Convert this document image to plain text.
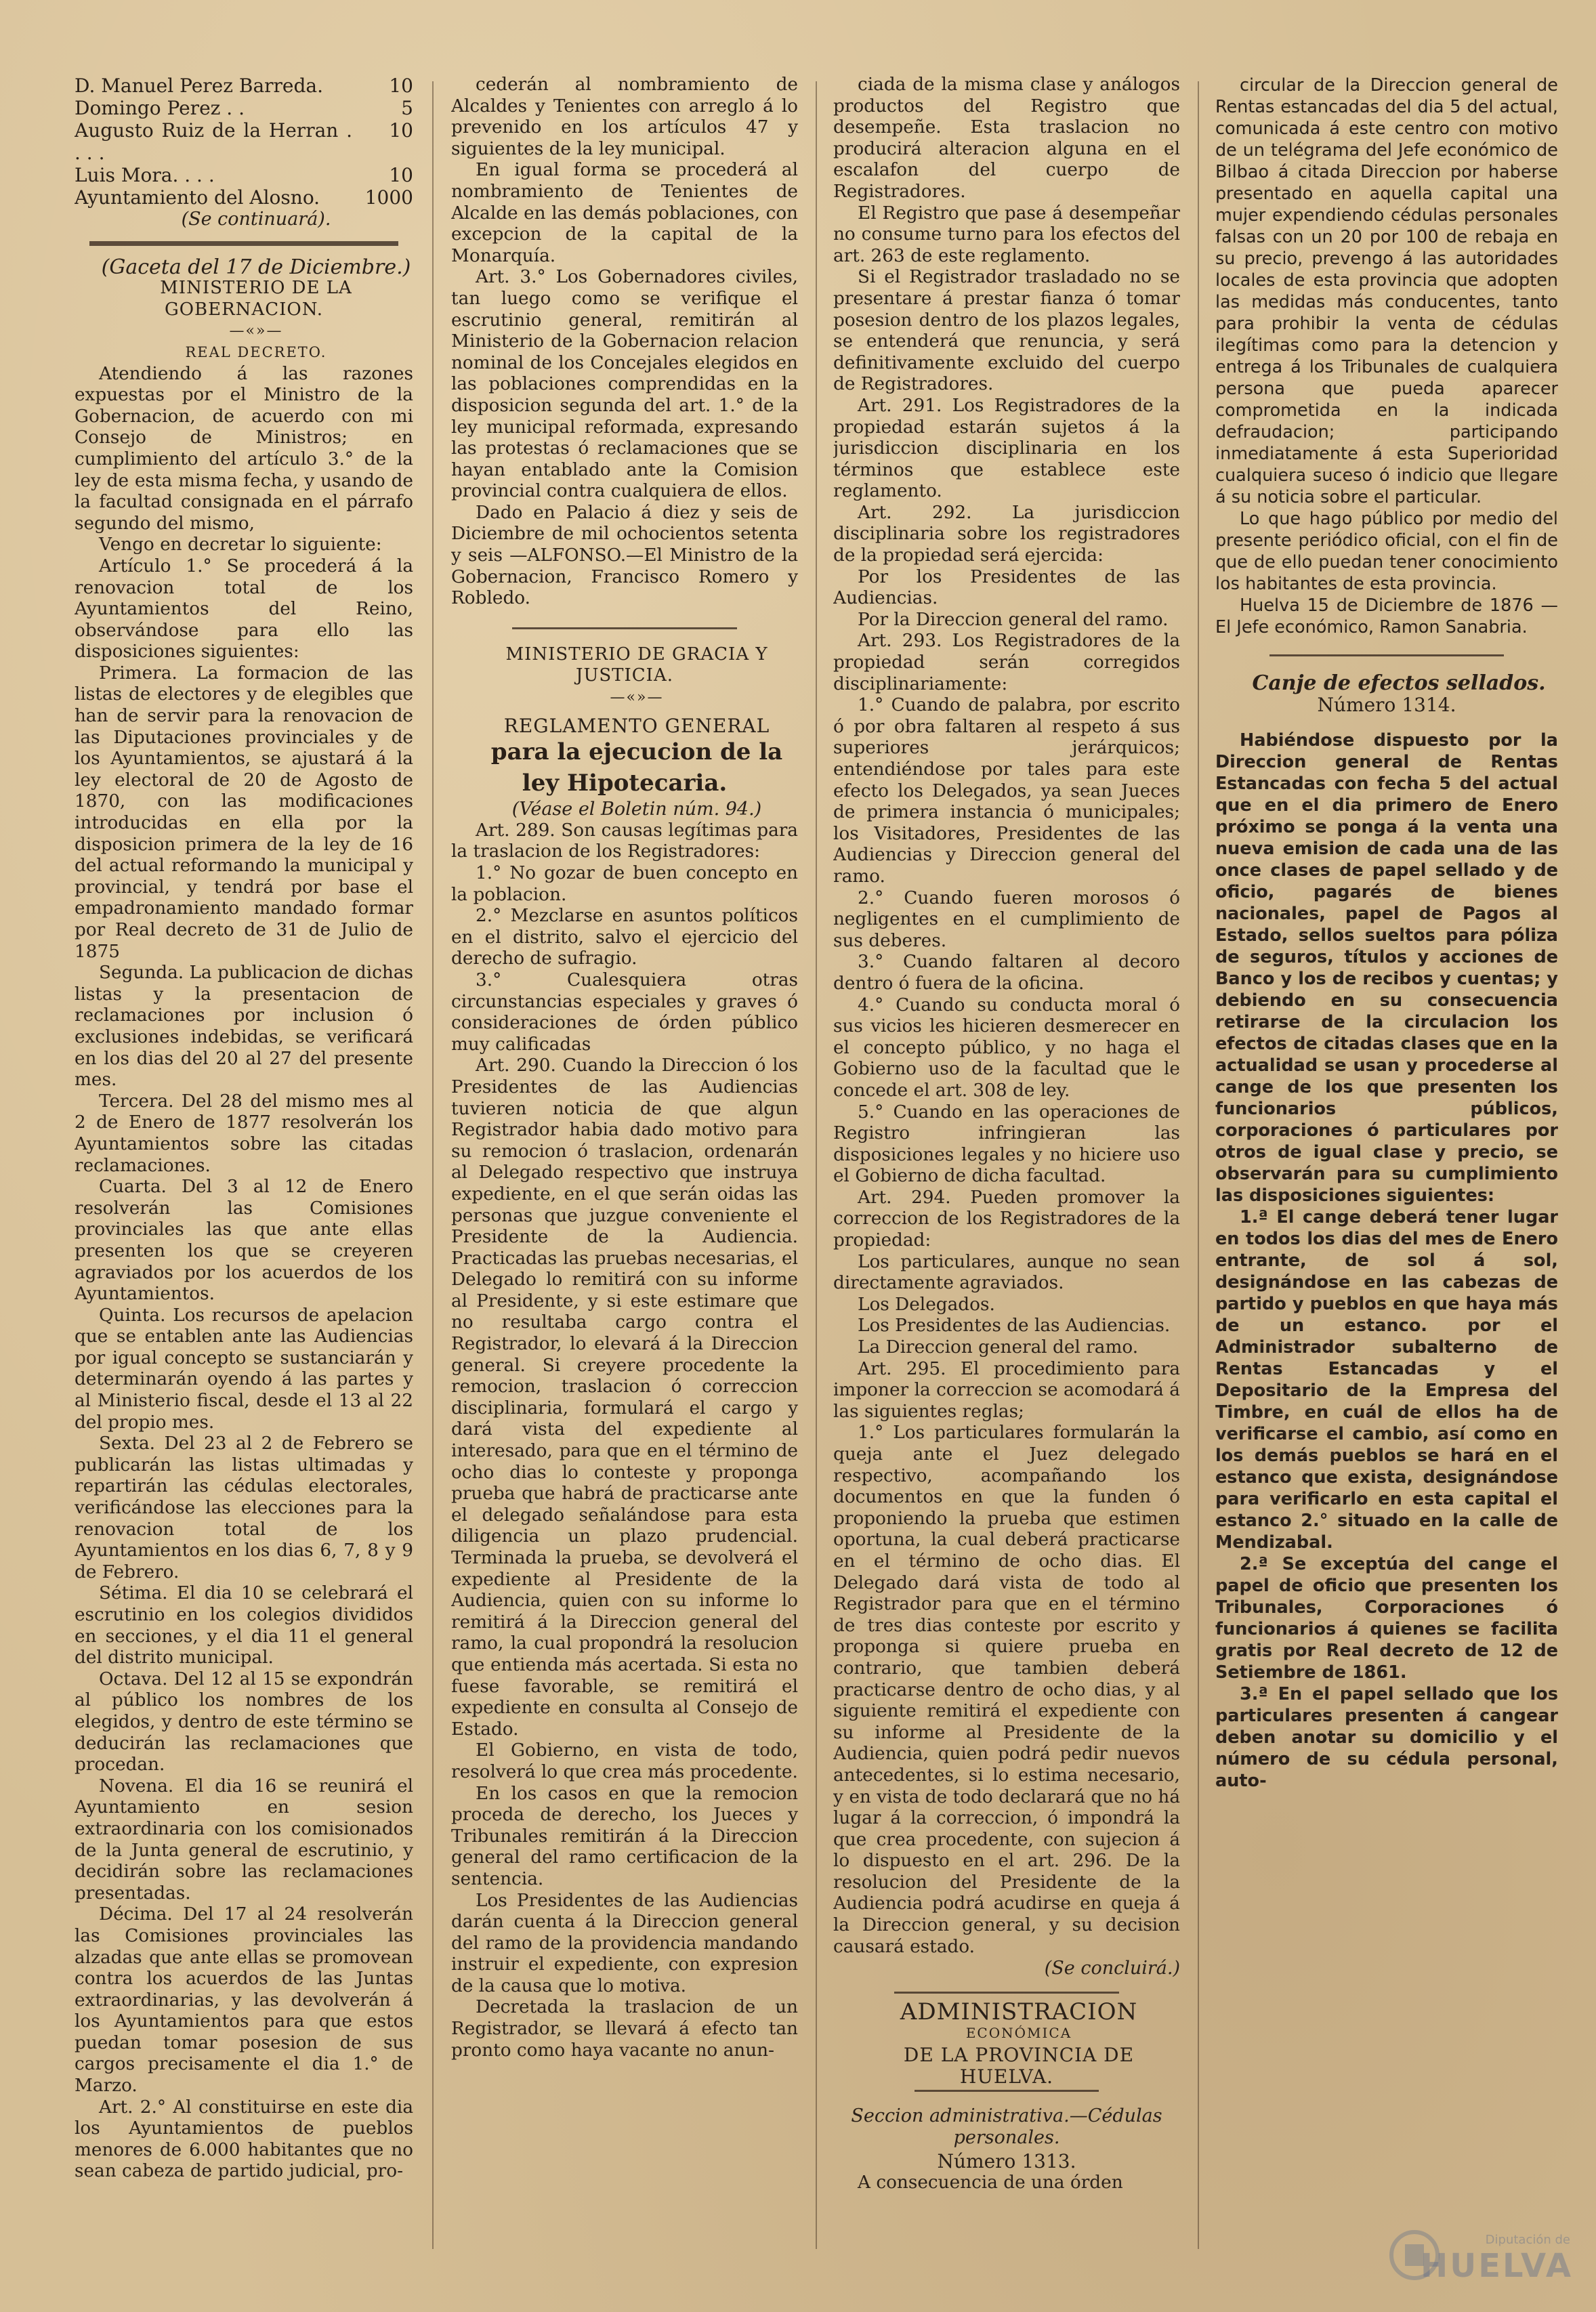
D. Manuel Perez Barreda.	10
Domingo Perez . .	5
Augusto Ruiz de la Herran . . . .	10
Luis Mora. . . .	10
Ayuntamiento del Alosno.	1000

(Se continuará).

(Gaceta del 17 de Diciembre.)

MINISTERIO DE LA GOBERNACION.

—«»—

REAL DECRETO.

Atendiendo á las razones expuestas por el Ministro de la Gobernacion, de acuerdo con mi Consejo de Ministros; en cumplimiento del artículo 3.° de la ley de esta misma fecha, y usando de la facultad consignada en el párrafo segundo del mismo,

Vengo en decretar lo siguiente:

Artículo 1.° Se procederá á la renovacion total de los Ayuntamientos del Reino, observándose para ello las disposiciones siguientes:

Primera. La formacion de las listas de electores y de elegibles que han de servir para la renovacion de las Diputaciones provinciales y de los Ayuntamientos, se ajustará á la ley electoral de 20 de Agosto de 1870, con las modificaciones introducidas en ella por la disposicion primera de la ley de 16 del actual reformando la municipal y provincial, y tendrá por base el empadronamiento mandado formar por Real decreto de 31 de Julio de 1875

Segunda. La publicacion de dichas listas y la presentacion de reclamaciones por inclusion ó exclusiones indebidas, se verificará en los dias del 20 al 27 del presente mes.

Tercera. Del 28 del mismo mes al 2 de Enero de 1877 resolverán los Ayuntamientos sobre las citadas reclamaciones.

Cuarta. Del 3 al 12 de Enero resolverán las Comisiones provinciales las que ante ellas presenten los que se creyeren agraviados por los acuerdos de los Ayuntamientos.

Quinta. Los recursos de apelacion que se entablen ante las Audiencias por igual concepto se sustanciarán y determinarán oyendo á las partes y al Ministerio fiscal, desde el 13 al 22 del propio mes.

Sexta. Del 23 al 2 de Febrero se publicarán las listas ultimadas y repartirán las cédulas electorales, verificándose las elecciones para la renovacion total de los Ayuntamientos en los dias 6, 7, 8 y 9 de Febrero.

Sétima. El dia 10 se celebrará el escrutinio en los colegios divididos en secciones, y el dia 11 el general del distrito municipal.

Octava. Del 12 al 15 se expondrán al público los nombres de los elegidos, y dentro de este término se deducirán las reclamaciones que procedan.

Novena. El dia 16 se reunirá el Ayuntamiento en sesion extraordinaria con los comisionados de la Junta general de escrutinio, y decidirán sobre las reclamaciones presentadas.

Décima. Del 17 al 24 resolverán las Comisiones provinciales las alzadas que ante ellas se promovean contra los acuerdos de las Juntas extraordinarias, y las devolverán á los Ayuntamientos para que estos puedan tomar posesion de sus cargos precisamente el dia 1.° de Marzo.

Art. 2.° Al constituirse en este dia los Ayuntamientos de pueblos menores de 6.000 habitantes que no sean cabeza de partido judicial, pro-

cederán al nombramiento de Alcaldes y Tenientes con arreglo á lo prevenido en los artículos 47 y siguientes de la ley municipal.

En igual forma se procederá al nombramiento de Tenientes de Alcalde en las demás poblaciones, con excepcion de la capital de la Monarquía.

Art. 3.° Los Gobernadores civiles, tan luego como se verifique el escrutinio general, remitirán al Ministerio de la Gobernacion relacion nominal de los Concejales elegidos en las poblaciones comprendidas en la disposicion segunda del art. 1.° de la ley municipal reformada, expresando las protestas ó reclamaciones que se hayan entablado ante la Comision provincial contra cualquiera de ellos.

Dado en Palacio á diez y seis de Diciembre de mil ochocientos setenta y seis —ALFONSO.—El Ministro de la Gobernacion, Francisco Romero y Robledo.

MINISTERIO DE GRACIA Y JUSTICIA.

—«»—

REGLAMENTO GENERAL

para la ejecucion de la ley Hipotecaria.

(Véase el Boletin núm. 94.)

Art. 289. Son causas legítimas para la traslacion de los Registradores:

1.° No gozar de buen concepto en la poblacion.

2.° Mezclarse en asuntos políticos en el distrito, salvo el ejercicio del derecho de sufragio.

3.° Cualesquiera otras circunstancias especiales y graves ó consideraciones de órden público muy calificadas

Art. 290. Cuando la Direccion ó los Presidentes de las Audiencias tuvieren noticia de que algun Registrador habia dado motivo para su remocion ó traslacion, ordenarán al Delegado respectivo que instruya expediente, en el que serán oidas las personas que juzgue conveniente el Presidente de la Audiencia. Practicadas las pruebas necesarias, el Delegado lo remitirá con su informe al Presidente, y si este estimare que no resultaba cargo contra el Registrador, lo elevará á la Direccion general. Si creyere procedente la remocion, traslacion ó correccion disciplinaria, formulará el cargo y dará vista del expediente al interesado, para que en el término de ocho dias lo conteste y proponga prueba que habrá de practicarse ante el delegado señalándose para esta diligencia un plazo prudencial. Terminada la prueba, se devolverá el expediente al Presidente de la Audiencia, quien con su informe lo remitirá á la Direccion general del ramo, la cual propondrá la resolucion que entienda más acertada. Si esta no fuese favorable, se remitirá el expediente en consulta al Consejo de Estado.

El Gobierno, en vista de todo, resolverá lo que crea más procedente.

En los casos en que la remocion proceda de derecho, los Jueces y Tribunales remitirán á la Direccion general del ramo certificacion de la sentencia.

Los Presidentes de las Audiencias darán cuenta á la Direccion general del ramo de la providencia mandando instruir el expediente, con expresion de la causa que lo motiva.

Decretada la traslacion de un Registrador, se llevará á efecto tan pronto como haya vacante no anun-

ciada de la misma clase y análogos productos del Registro que desempeñe. Esta traslacion no producirá alteracion alguna en el escalafon del cuerpo de Registradores.

El Registro que pase á desempeñar no consume turno para los efectos del art. 263 de este reglamento.

Si el Registrador trasladado no se presentare á prestar fianza ó tomar posesion dentro de los plazos legales, se entenderá que renuncia, y será definitivamente excluido del cuerpo de Registradores.

Art. 291. Los Registradores de la propiedad estarán sujetos á la jurisdiccion disciplinaria en los términos que establece este reglamento.

Art. 292. La jurisdiccion disciplinaria sobre los registradores de la propiedad será ejercida:

Por los Presidentes de las Audiencias.

Por la Direccion general del ramo.

Art. 293. Los Registradores de la propiedad serán corregidos disciplinariamente:

1.° Cuando de palabra, por escrito ó por obra faltaren al respeto á sus superiores jerárquicos; entendiéndose por tales para este efecto los Delegados, ya sean Jueces de primera instancia ó municipales; los Visitadores, Presidentes de las Audiencias y Direccion general del ramo.

2.° Cuando fueren morosos ó negligentes en el cumplimiento de sus deberes.

3.° Cuando faltaren al decoro dentro ó fuera de la oficina.

4.° Cuando su conducta moral ó sus vicios les hicieren desmerecer en el concepto público, y no haga el Gobierno uso de la facultad que le concede el art. 308 de ley.

5.° Cuando en las operaciones de Registro infringieran las disposiciones legales y no hiciere uso el Gobierno de dicha facultad.

Art. 294. Pueden promover la correccion de los Registradores de la propiedad:

Los particulares, aunque no sean directamente agraviados.

Los Delegados.

Los Presidentes de las Audiencias.

La Direccion general del ramo.

Art. 295. El procedimiento para imponer la correccion se acomodará á las siguientes reglas;

1.° Los particulares formularán la queja ante el Juez delegado respectivo, acompañando los documentos en que la funden ó proponiendo la prueba que estimen oportuna, la cual deberá practicarse en el término de ocho dias. El Delegado dará vista de todo al Registrador para que en el término de tres dias conteste por escrito y proponga si quiere prueba en contrario, que tambien deberá practicarse dentro de ocho dias, y al siguiente remitirá el expediente con su informe al Presidente de la Audiencia, quien podrá pedir nuevos antecedentes, si lo estima necesario, y en vista de todo declarará que no há lugar á la correccion, ó impondrá la que crea procedente, con sujecion á lo dispuesto en el art. 296. De la resolucion del Presidente de la Audiencia podrá acudirse en queja á la Direccion general, y su decision causará estado.

(Se concluirá.)

ADMINISTRACION

ECONÓMICA

DE LA PROVINCIA DE HUELVA.

Seccion administrativa.—Cédulas personales.

Número 1313.

A consecuencia de una órden

circular de la Direccion general de Rentas estancadas del dia 5 del actual, comunicada á este centro con motivo de un telégrama del Jefe económico de Bilbao á citada Direccion por haberse presentado en aquella capital una mujer expendiendo cédulas personales falsas con un 20 por 100 de rebaja en su precio, prevengo á las autoridades locales de esta provincia que adopten las medidas más conducentes, tanto para prohibir la venta de cédulas ilegítimas como para la detencion y entrega á los Tribunales de cualquiera persona que pueda aparecer comprometida en la indicada defraudacion; participando inmediatamente á esta Superioridad cualquiera suceso ó indicio que llegare á su noticia sobre el particular.

Lo que hago público por medio del presente periódico oficial, con el fin de que de ello puedan tener conocimiento los habitantes de esta provincia.

Huelva 15 de Diciembre de 1876 —El Jefe económico, Ramon Sanabria.

Canje de efectos sellados.

Número 1314.

Habiéndose dispuesto por la Direccion general de Rentas Estancadas con fecha 5 del actual que en el dia primero de Enero próximo se ponga á la venta una nueva emision de cada una de las once clases de papel sellado y de oficio, pagarés de bienes nacionales, papel de Pagos al Estado, sellos sueltos para póliza de seguros, títulos y acciones de Banco y los de recibos y cuentas; y debiendo en su consecuencia retirarse de la circulacion los efectos de citadas clases que en la actualidad se usan y procederse al cange de los que presenten los funcionarios públicos, corporaciones ó particulares por otros de igual clase y precio, se observarán para su cumplimiento las disposiciones siguientes:

1.ª El cange deberá tener lugar en todos los dias del mes de Enero entrante, de sol á sol, designándose en las cabezas de partido y pueblos en que haya más de un estanco. por el Administrador subalterno de Rentas Estancadas y el Depositario de la Empresa del Timbre, en cuál de ellos ha de verificarse el cambio, así como en los demás pueblos se hará en el estanco que exista, designándose para verificarlo en esta capital el estanco 2.° situado en la calle de Mendizabal.

2.ª Se exceptúa del cange el papel de oficio que presenten los Tribunales, Corporaciones ó funcionarios á quienes se facilita gratis por Real decreto de 12 de Setiembre de 1861.

3.ª En el papel sellado que los particulares presenten á cangear deben anotar su domicilio y el número de su cédula personal, auto-

Diputación de
HUELVA
